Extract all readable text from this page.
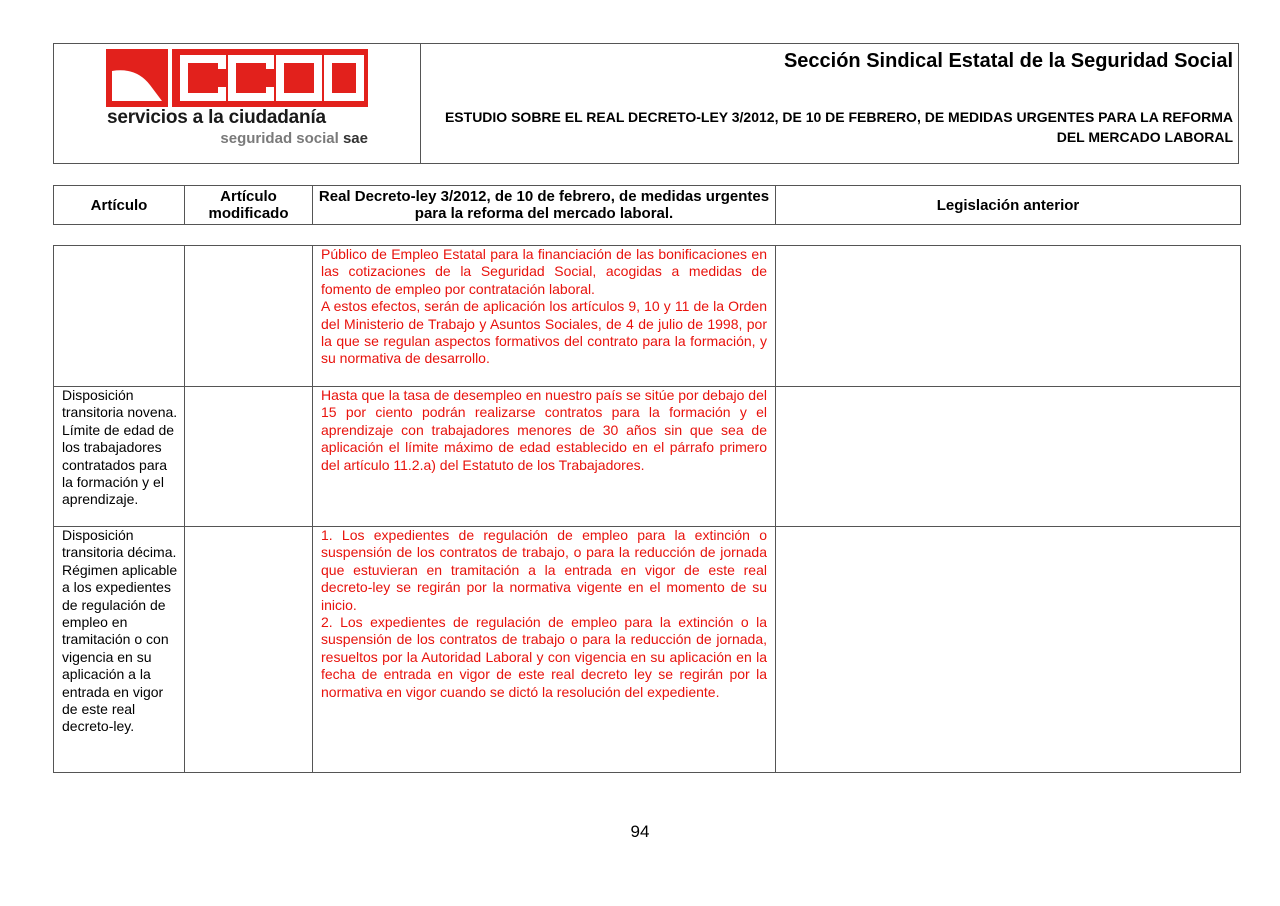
servicios a la ciudadanía
seguridad social sae
Sección Sindical Estatal de la Seguridad Social
ESTUDIO SOBRE EL REAL DECRETO-LEY 3/2012, DE 10 DE FEBRERO, DE MEDIDAS URGENTES PARA LA REFORMA DEL MERCADO LABORAL
Artículo	Artículo modificado	Real Decreto-ley 3/2012, de 10 de febrero, de medidas urgentes para la reforma del mercado laboral.	Legislación anterior
		Público de Empleo Estatal para la financiación de las bonificaciones en las cotizaciones de la Seguridad Social, acogidas a medidas de fomento de empleo por contratación laboral.
A estos efectos, serán de aplicación los artículos 9, 10 y 11 de la Orden del Ministerio de Trabajo y Asuntos Sociales, de 4 de julio de 1998, por la que se regulan aspectos formativos del contrato para la formación, y su normativa de desarrollo.	
Disposición transitoria novena. Límite de edad de los trabajadores contratados para la formación y el aprendizaje.		Hasta que la tasa de desempleo en nuestro país se sitúe por debajo del 15 por ciento podrán realizarse contratos para la formación y el aprendizaje con trabajadores menores de 30 años sin que sea de aplicación el límite máximo de edad establecido en el párrafo primero del artículo 11.2.a) del Estatuto de los Trabajadores.	
Disposición transitoria décima. Régimen aplicable a los expedientes de regulación de empleo en tramitación o con vigencia en su aplicación a la entrada en vigor de este real decreto-ley.		1. Los expedientes de regulación de empleo para la extinción o suspensión de los contratos de trabajo, o para la reducción de jornada que estuvieran en tramitación a la entrada en vigor de este real decreto-ley se regirán por la normativa vigente en el momento de su inicio.
2. Los expedientes de regulación de empleo para la extinción o la suspensión de los contratos de trabajo o para la reducción de jornada, resueltos por la Autoridad Laboral y con vigencia en su aplicación en la fecha de entrada en vigor de este real decreto ley se regirán por la normativa en vigor cuando se dictó la resolución del expediente.	
94
